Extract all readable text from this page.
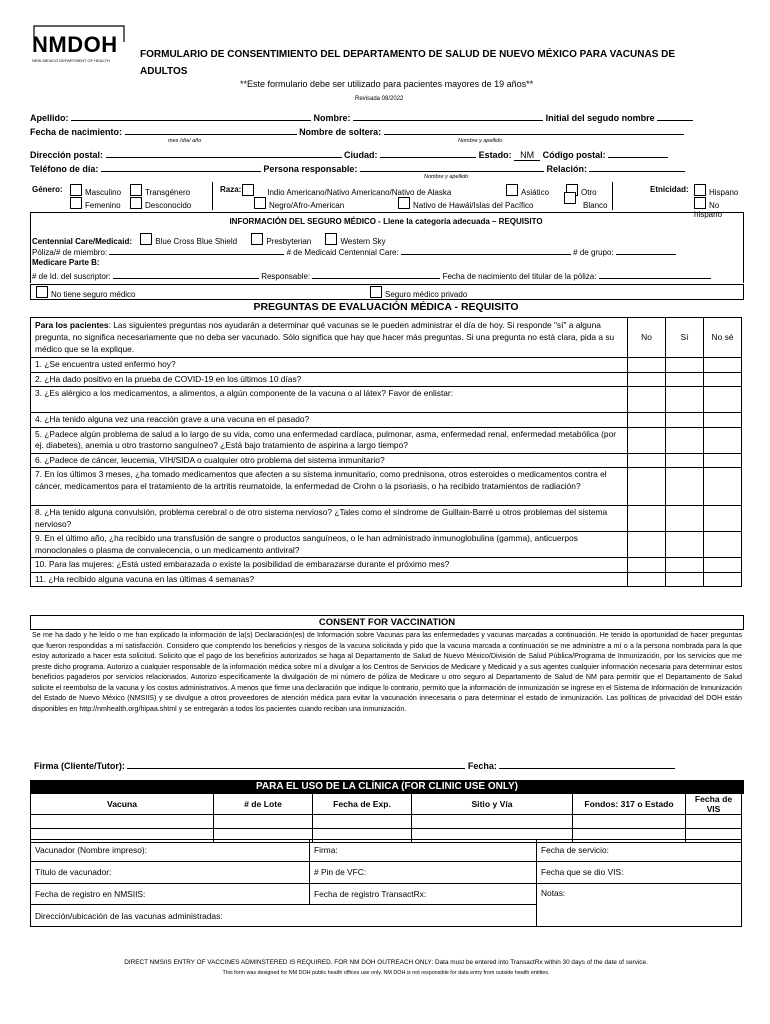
NMDOH
NEW MEXICO DEPARTMENT OF HEALTH
FORMULARIO DE CONSENTIMIENTO DEL DEPARTAMENTO DE SALUD DE NUEVO MÉXICO PARA VACUNAS DE ADULTOS
**Este formulario debe ser utilizado para pacientes mayores de 19 años**
Revisada 08/2022
Apellido:	Nombre:	Initial del segudo nombre
Fecha de nacimiento:	Nombre de soltera:
mes /día/ año	Nombre y apellido
Dirección postal:	Ciudad:	Estado: NM Código postal:
Teléfono de día:	Persona responsable:	Relación:
Nombre y apellido
Género:	Masculino	Transgénero
Femenino	Desconocido
Raza:	Indio Americano/Nativo Americano/Nativo de Alaska	Asiático	Otro
Negro/Afro-American	Nativo de Hawái/Islas del Pacífico	Blanco
Etnicidad:	Hispano
No hispano
INFORMACIÓN DEL SEGURO MÉDICO - Llene la categoría adecuada – REQUISITO
Centennial Care/Medicaid:	Blue Cross Blue Shield	Presbyterian	Western Sky
Póliza/# de miembro:	# de Medicaid Centennial Care:	# de grupo:
Medicare Parte B:
# de Id. del suscriptor:	Responsable:	Fecha de nacimiento del titular de la póliza:
No tiene seguro médico	Seguro médico privado
PREGUNTAS DE EVALUACIÓN MÉDICA - REQUISITO
Para los pacientes: Las siguientes preguntas nos ayudarán a determinar qué vacunas se le pueden administrar el día de hoy. Si responde "sí" a alguna pregunta, no significa necesariamente que no deba ser vacunado. Sólo significa que hay que hacer más preguntas. Si una pregunta no está clara, pida a su médico que se la explique.	No	Sí	No sé
1. ¿Se encuentra usted enfermo hoy?			
2. ¿Ha dado positivo en la prueba de COVID-19 en los últimos 10 días?			
3. ¿Es alérgico a los medicamentos, a alimentos, a algún componente de la vacuna o al látex? Favor de enlistar:			
4. ¿Ha tenido alguna vez una reacción grave a una vacuna en el pasado?			
5. ¿Padece algún problema de salud a lo largo de su vida, como una enfermedad cardíaca, pulmonar, asma, enfermedad renal, enfermedad metabólica (por ej. diabetes), anemia u otro trastorno sanguíneo? ¿Está bajo tratamiento de aspirina a largo tiempo?			
6. ¿Padece de cáncer, leucemia, VIH/SIDA o cualquier otro problema del sistema inmunitario?			
7. En los últimos 3 meses, ¿ha tomado medicamentos que afecten a su sistema inmunitario, como prednisona, otros esteroides o medicamentos contra el cáncer, medicamentos para el tratamiento de la artritis reumatoide, la enfermedad de Crohn o la psoriasis, o ha recibido tratamientos de radiación?			
8. ¿Ha tenido alguna convulsión, problema cerebral o de otro sistema nervioso? ¿Tales como el síndrome de Guillain-Barré u otros problemas del sistema nervioso?			
9. En el último año, ¿ha recibido una transfusión de sangre o productos sanguíneos, o le han administrado inmunoglobulina (gamma), anticuerpos monoclonales o plasma de convalecencia, o un medicamento antiviral?			
10. Para las mujeres: ¿Está usted embarazada o existe la posibilidad de embarazarse durante el próximo mes?			
11. ¿Ha recibido alguna vacuna en las últimas 4 semanas?			
CONSENT FOR VACCINATION
Se me ha dado y he leído o me han explicado la información de la(s) Declaración(es) de Información sobre Vacunas para las enfermedades y vacunas marcadas a continuación. He tenido la oportunidad de hacer preguntas que fueron respondidas a mi satisfacción. Considero que comprendo los beneficios y riesgos de la vacuna solicitada y pido que la vacuna marcada a continuación se me administre a mí o a la persona nombrada para la que estoy autorizado a hacer esta solicitud. Solicito que el pago de los beneficios autorizados se haga al Departamento de Salud de Nuevo México/División de Salud Pública/Programa de Inmunización, por los servicios que me preste dicho programa. Autorizo a cualquier responsable de la información médica sobre mí a divulgar a los Centros de Servicios de Medicare y Medicaid y a sus agentes cualquier información necesaria para determinar estos beneficios pagaderos por servicios relacionados. Autorizo específicamente la divulgación de mi número de póliza de Medicare u otro seguro al Departamento de Salud de NM para permitir que el Departamento de Salud solicite el reembolso de la vacuna y los costos administrativos. A menos que firme una declaración que indique lo contrario, permito que la información de inmunización se ingrese en el Sistema de Información de Inmunización del Estado de Nuevo México (NMSIIS) y se divulgue a otros proveedores de atención médica para evitar la vacunación innecesaria o para determinar el estado de inmunización. Las políticas de privacidad del DOH están disponibles en http://nmhealth.org/hipaa.shtml y se entregarán a todos los pacientes cuando reciban una inmunización.
Firma (Cliente/Tutor):	Fecha:
PARA EL USO DE LA CLÍNICA (FOR CLINIC USE ONLY)
Vacuna	# de Lote	Fecha de Exp.	Sitio y Vía	Fondos: 317 o Estado	Fecha de VIS

Vacunador (Nombre impreso):	Firma:	Fecha de servicio:
Título de vacunador:	# Pin de VFC:	Fecha que se dio VIS:
Fecha de registro en NMSIIS:	Fecha de registro TransactRx:	Notas:
Dirección/ubicación de las vacunas administradas:		
DIRECT NMSIIS ENTRY OF VACCINES ADMINSTERED IS REQUIRED. FOR NM DOH OUTREACH ONLY: Data must be entered into TransactRx within 30 days of the date of service.
This form was designed for NM DOH public health offices use only. NM DOH is not responsible for data entry from outside health entities.
